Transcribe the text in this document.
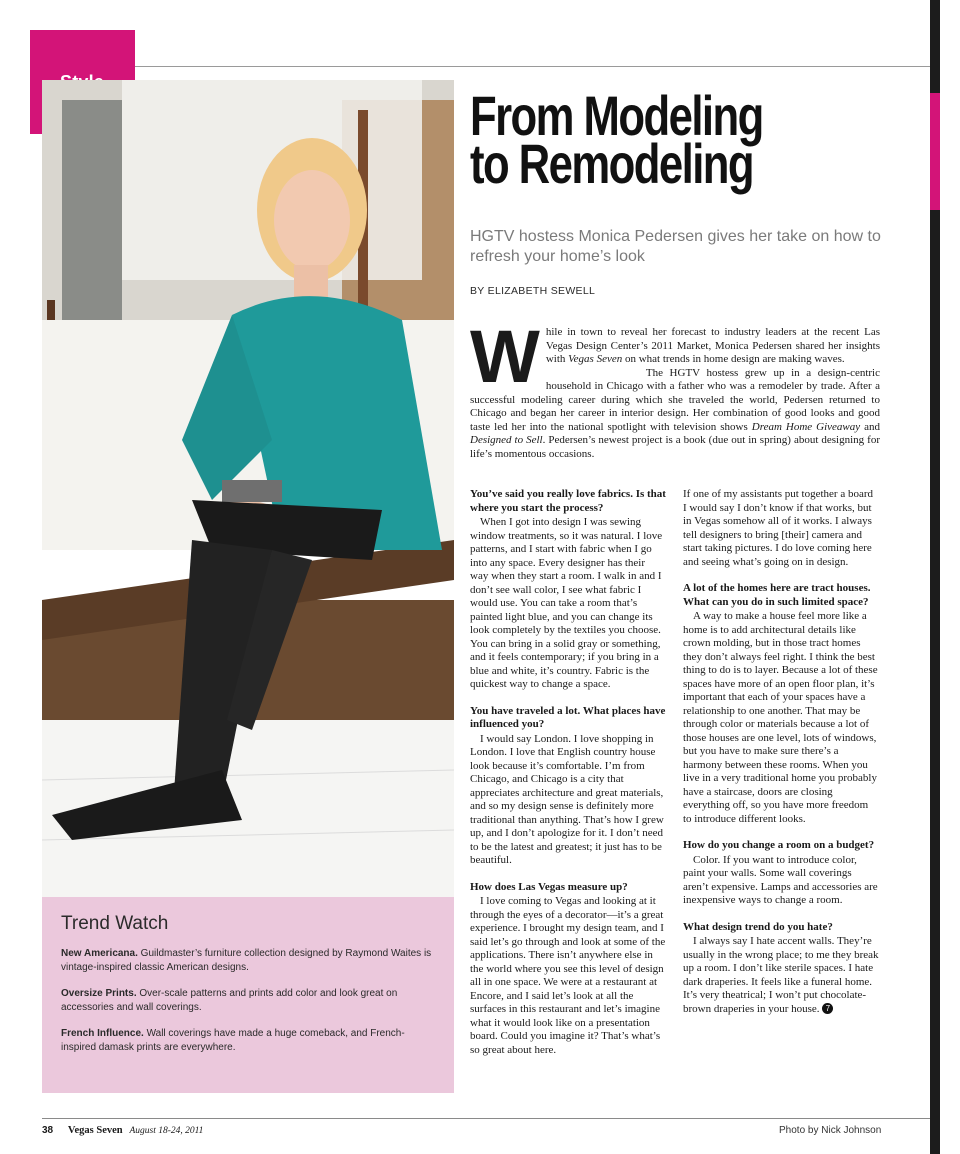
Trend Watch

New Americana. Guildmaster’s furniture collection designed by Raymond Waites is vintage-inspired classic American designs.

Oversize Prints. Over-scale patterns and prints add color and look great on accessories and wall coverings.

French Influence. Wall coverings have made a huge comeback, and French-inspired damask prints are everywhere.

From Modeling
to Remodeling
HGTV hostess Monica Pedersen gives her take on how to refresh your home’s look
BY ELIZABETH SEWELL
W hile in town to reveal her forecast to industry leaders at the recent Las Vegas Design Center’s 2011 Market, Monica Pedersen shared her insights with Vegas Seven on what trends in home design are making waves.

The HGTV hostess grew up in a design-centric household in Chicago with a father who was a remodeler by trade. After a successful modeling career during which she traveled the world, Pedersen returned to Chicago and began her career in interior design. Her combination of good looks and good taste led her into the national spotlight with television shows Dream Home Giveaway and Designed to Sell. Pedersen’s newest project is a book (due out in spring) about designing for life’s momentous occasions.

You’ve said you really love fabrics. Is that where you start the process?
When I got into design I was sewing window treatments, so it was natural. I love patterns, and I start with fabric when I go into any space. Every designer has their way when they start a room. I walk in and I don’t see wall color, I see what fabric I would use. You can take a room that’s painted light blue, and you can change its look completely by the textiles you choose. You can bring in a solid gray or something, and it feels contemporary; if you bring in a blue and white, it’s country. Fabric is the quickest way to change a space.
You have traveled a lot. What places have influenced you?
I would say London. I love shopping in London. I love that English country house look because it’s comfortable. I’m from Chicago, and Chicago is a city that appreciates architecture and great materials, and so my design sense is definitely more traditional than anything. That’s how I grew up, and I don’t apologize for it. I don’t need to be the latest and greatest; it just has to be beautiful.
How does Las Vegas measure up?
I love coming to Vegas and looking at it through the eyes of a decorator—it’s a great experience. I brought my design team, and I said let’s go through and look at some of the applications. There isn’t anywhere else in the world where you see this level of design all in one space. We were at a restaurant at Encore, and I said let’s look at all the surfaces in this restaurant and let’s imagine what it would look like on a presentation board. Could you imagine it? That’s what’s so great about here.
If one of my assistants put together a board I would say I don’t know if that works, but in Vegas somehow all of it works. I always tell designers to bring [their] camera and start taking pictures. I do love coming here and seeing what’s going on in design.
A lot of the homes here are tract houses. What can you do in such limited space?
A way to make a house feel more like a home is to add architectural details like crown molding, but in those tract homes they don’t always feel right. I think the best thing to do is to layer. Because a lot of these spaces have more of an open floor plan, it’s important that each of your spaces have a relationship to one another. That may be through color or materials because a lot of those houses are one level, lots of windows, but you have to make sure there’s a harmony between these rooms. When you live in a very traditional home you probably have a staircase, doors are closing everything off, so you have more freedom to introduce different looks.
How do you change a room on a budget?
Color. If you want to introduce color, paint your walls. Some wall coverings aren’t expensive. Lamps and accessories are inexpensive ways to change a room.
What design trend do you hate?
I always say I hate accent walls. They’re usually in the wrong place; to me they break up a room. I don’t like sterile spaces. I hate dark draperies. It feels like a funeral home. It’s very theatrical; I won’t put chocolate-brown draperies in your house. 7
38 Vegas Seven August 18-24, 2011	Photo by Nick Johnson
